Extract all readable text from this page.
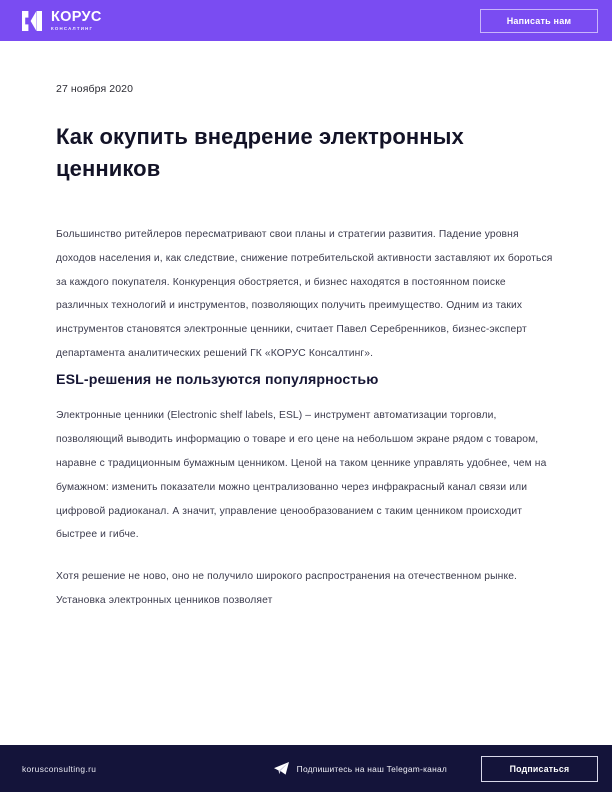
КОРУС
КОНСАЛТИНГ
Написать нам
27 ноября 2020
Как окупить внедрение электронных ценников

Большинство ритейлеров пересматривают свои планы и стратегии развития. Падение уровня доходов населения и, как следствие, снижение потребительской активности заставляют их бороться за каждого покупателя. Конкуренция обостряется, и бизнес находятся в постоянном поиске различных технологий и инструментов, позволяющих получить преимущество. Одним из таких инструментов становятся электронные ценники, считает Павел Серебренников, бизнес-эксперт департамента аналитических решений ГК «КОРУС Консалтинг».

ESL-решения не пользуются популярностью

Электронные ценники (Electronic shelf labels, ESL) – инструмент автоматизации торговли, позволяющий выводить информацию о товаре и его цене на небольшом экране рядом с товаром, наравне с традиционным бумажным ценником. Ценой на таком ценнике управлять удобнее, чем на бумажном: изменить показатели можно централизованно через инфракрасный канал связи или цифровой радиоканал. А значит, управление ценообразованием с таким ценником происходит быстрее и гибче.

Хотя решение не ново, оно не получило широкого распространения на отечественном рынке. Установка электронных ценников позволяет

korusconsulting.ru	Подпишитесь на наш Telegam-канал	Подписаться
